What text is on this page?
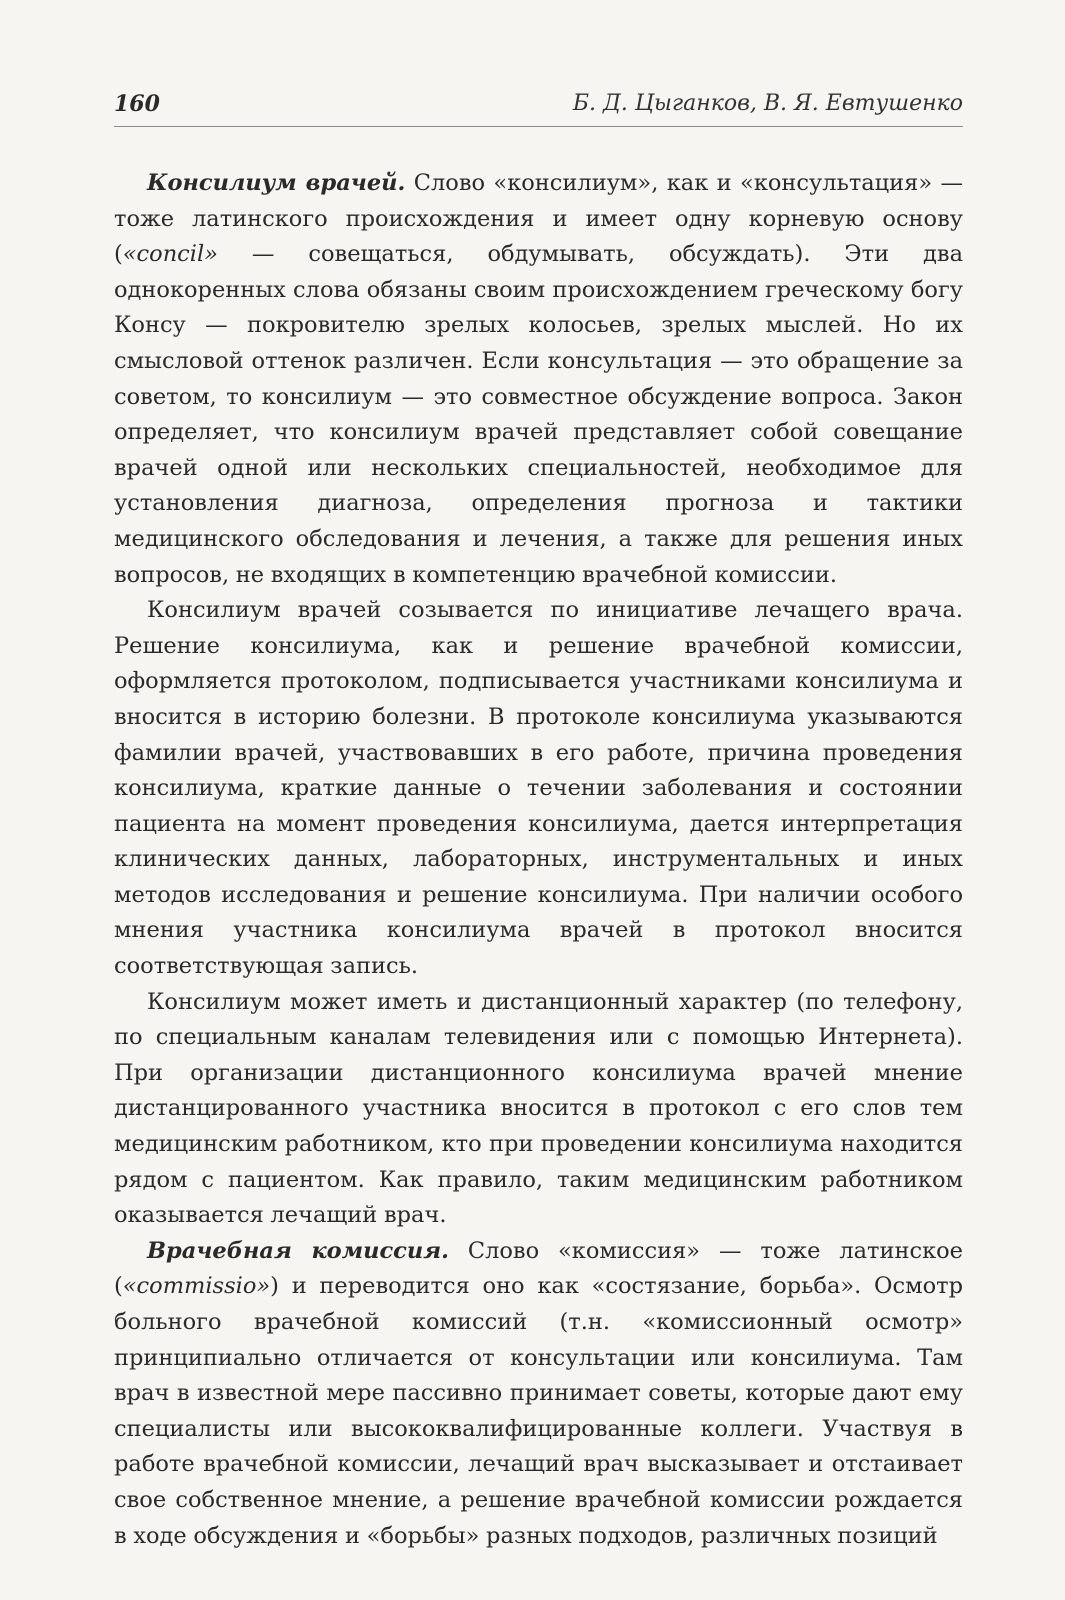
160	Б. Д. Цыганков, В. Я. Евтушенко

Консилиум врачей. Слово «консилиум», как и «консультация» — тоже латинского происхождения и имеет одну корневую основу («concil» — совещаться, обдумывать, обсуждать). Эти два однокоренных слова обязаны своим происхождением греческому богу Консу — покровителю зрелых колосьев, зрелых мыслей. Но их смысловой оттенок различен. Если консультация — это обращение за советом, то консилиум — это совместное обсуждение вопроса. Закон определяет, что консилиум врачей представляет собой совещание врачей одной или нескольких специальностей, необходимое для установления диагноза, определения прогноза и тактики медицинского обследования и лечения, а также для решения иных вопросов, не входящих в компетенцию врачебной комиссии.

Консилиум врачей созывается по инициативе лечащего врача. Решение консилиума, как и решение врачебной комиссии, оформляется протоколом, подписывается участниками консилиума и вносится в историю болезни. В протоколе консилиума указываются фамилии врачей, участвовавших в его работе, причина проведения консилиума, краткие данные о течении заболевания и состоянии пациента на момент проведения консилиума, дается интерпретация клинических данных, лабораторных, инструментальных и иных методов исследования и решение консилиума. При наличии особого мнения участника консилиума врачей в протокол вносится соответствующая запись.

Консилиум может иметь и дистанционный характер (по телефону, по специальным каналам телевидения или с помощью Интернета). При организации дистанционного консилиума врачей мнение дистанцированного участника вносится в протокол с его слов тем медицинским работником, кто при проведении консилиума находится рядом с пациентом. Как правило, таким медицинским работником оказывается лечащий врач.

Врачебная комиссия. Слово «комиссия» — тоже латинское («commissio») и переводится оно как «состязание, борьба». Осмотр больного врачебной комиссий (т.н. «комиссионный осмотр» принципиально отличается от консультации или консилиума. Там врач в известной мере пассивно принимает советы, которые дают ему специалисты или высококвалифицированные коллеги. Участвуя в работе врачебной комиссии, лечащий врач высказывает и отстаивает свое собственное мнение, а решение врачебной комиссии рождается в ходе обсуждения и «борьбы» разных подходов, различных позиций
